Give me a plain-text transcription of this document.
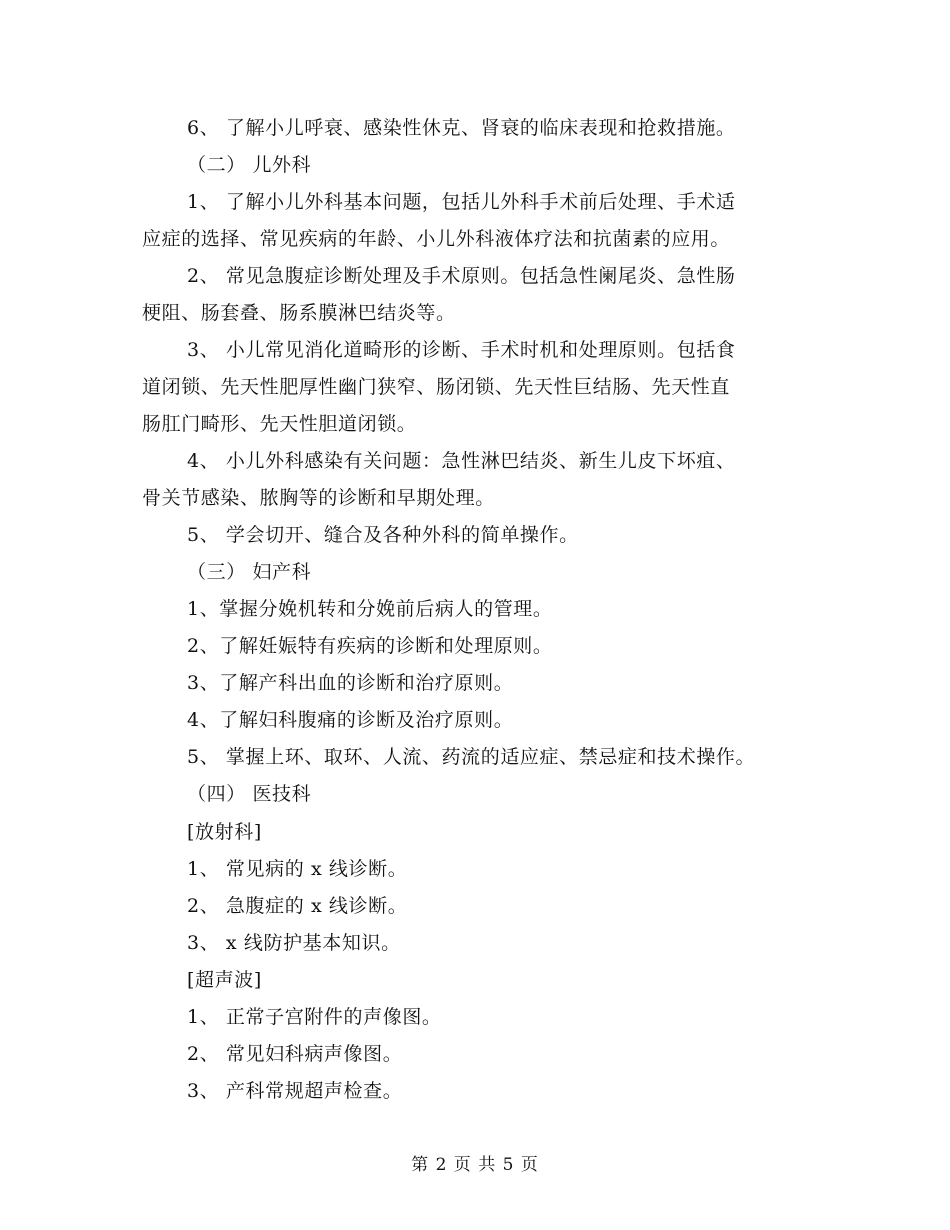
6、 了解小儿呼衰、感染性休克、肾衰的临床表现和抢救措施。
（二） 儿外科
1、 了解小儿外科基本问题，包括儿外科手术前后处理、手术适
应症的选择、常见疾病的年龄、小儿外科液体疗法和抗菌素的应用。
2、 常见急腹症诊断处理及手术原则。包括急性阑尾炎、急性肠
梗阻、肠套叠、肠系膜淋巴结炎等。
3、 小儿常见消化道畸形的诊断、手术时机和处理原则。包括食
道闭锁、先天性肥厚性幽门狭窄、肠闭锁、先天性巨结肠、先天性直
肠肛门畸形、先天性胆道闭锁。
4、 小儿外科感染有关问题：急性淋巴结炎、新生儿皮下坏疽、
骨关节感染、脓胸等的诊断和早期处理。
5、 学会切开、缝合及各种外科的简单操作。
（三） 妇产科
1、掌握分娩机转和分娩前后病人的管理。
2、了解妊娠特有疾病的诊断和处理原则。
3、了解产科出血的诊断和治疗原则。
4、了解妇科腹痛的诊断及治疗原则。
5、 掌握上环、取环、人流、药流的适应症、禁忌症和技术操作。
（四） 医技科
[放射科]
1、 常见病的 x 线诊断。
2、 急腹症的 x 线诊断。
3、 x 线防护基本知识。
[超声波]
1、 正常子宫附件的声像图。
2、 常见妇科病声像图。
3、 产科常规超声检查。
第 2 页 共 5 页
